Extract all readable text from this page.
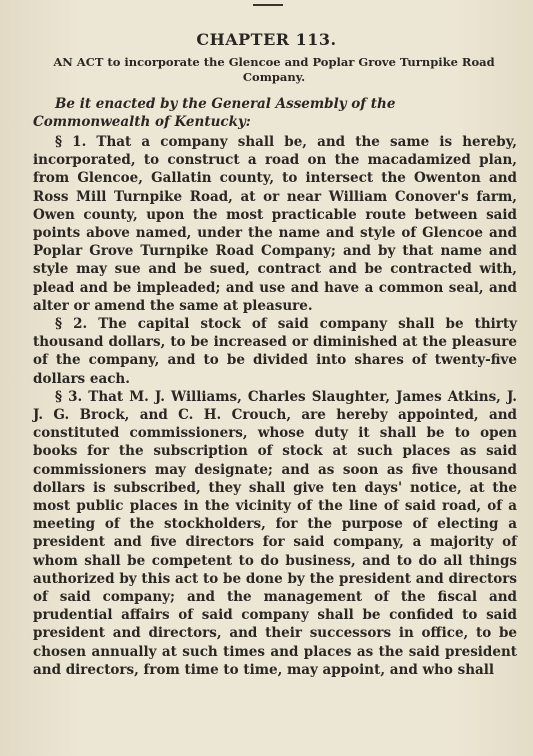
CHAPTER 113.
AN ACT to incorporate the Glencoe and Poplar Grove Turnpike Road Company.
Be it enacted by the General Assembly of the Commonwealth of Kentucky:

§ 1. That a company shall be, and the same is hereby, incorporated, to construct a road on the macadamized plan, from Glencoe, Gallatin county, to intersect the Owenton and Ross Mill Turnpike Road, at or near William Conover's farm, Owen county, upon the most practicable route between said points above named, under the name and style of Glencoe and Poplar Grove Turnpike Road Company; and by that name and style may sue and be sued, contract and be contracted with, plead and be impleaded; and use and have a common seal, and alter or amend the same at pleasure.

§ 2. The capital stock of said company shall be thirty thousand dollars, to be increased or diminished at the pleasure of the company, and to be divided into shares of twenty-five dollars each.

§ 3. That M. J. Williams, Charles Slaughter, James Atkins, J. J. G. Brock, and C. H. Crouch, are hereby appointed, and constituted commissioners, whose duty it shall be to open books for the subscription of stock at such places as said commissioners may designate; and as soon as five thousand dollars is subscribed, they shall give ten days' notice, at the most public places in the vicinity of the line of said road, of a meeting of the stockholders, for the purpose of electing a president and five directors for said company, a majority of whom shall be competent to do business, and to do all things authorized by this act to be done by the president and directors of said company; and the management of the fiscal and prudential affairs of said company shall be confided to said president and directors, and their successors in office, to be chosen annually at such times and places as the said president and directors, from time to time, may appoint, and who shall
